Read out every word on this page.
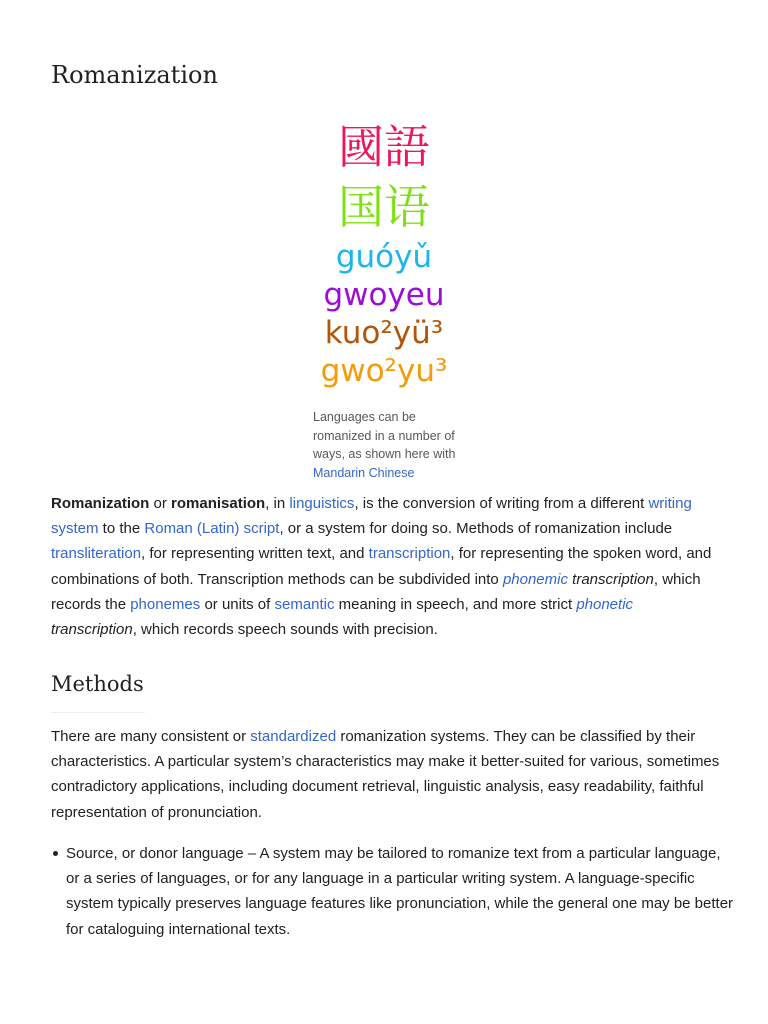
Romanization
國語
国语
guóyǔ
gwoyeu
kuo²yü³
gwo²yu³
Languages can be romanized in a number of ways, as shown here with Mandarin Chinese

Romanization or romanisation, in linguistics, is the conversion of writing from a different writing system to the Roman (Latin) script, or a system for doing so. Methods of romanization include transliteration, for representing written text, and transcription, for representing the spoken word, and combinations of both. Transcription methods can be subdivided into phonemic transcription, which records the phonemes or units of semantic meaning in speech, and more strict phonetic transcription, which records speech sounds with precision.

Methods

There are many consistent or standardized romanization systems. They can be classified by their characteristics. A particular system’s characteristics may make it better-suited for various, sometimes contradictory applications, including document retrieval, linguistic analysis, easy readability, faithful representation of pronunciation.

Source, or donor language – A system may be tailored to romanize text from a particular language, or a series of languages, or for any language in a particular writing system. A language-specific system typically preserves language features like pronunciation, while the general one may be better for cataloguing international texts.
